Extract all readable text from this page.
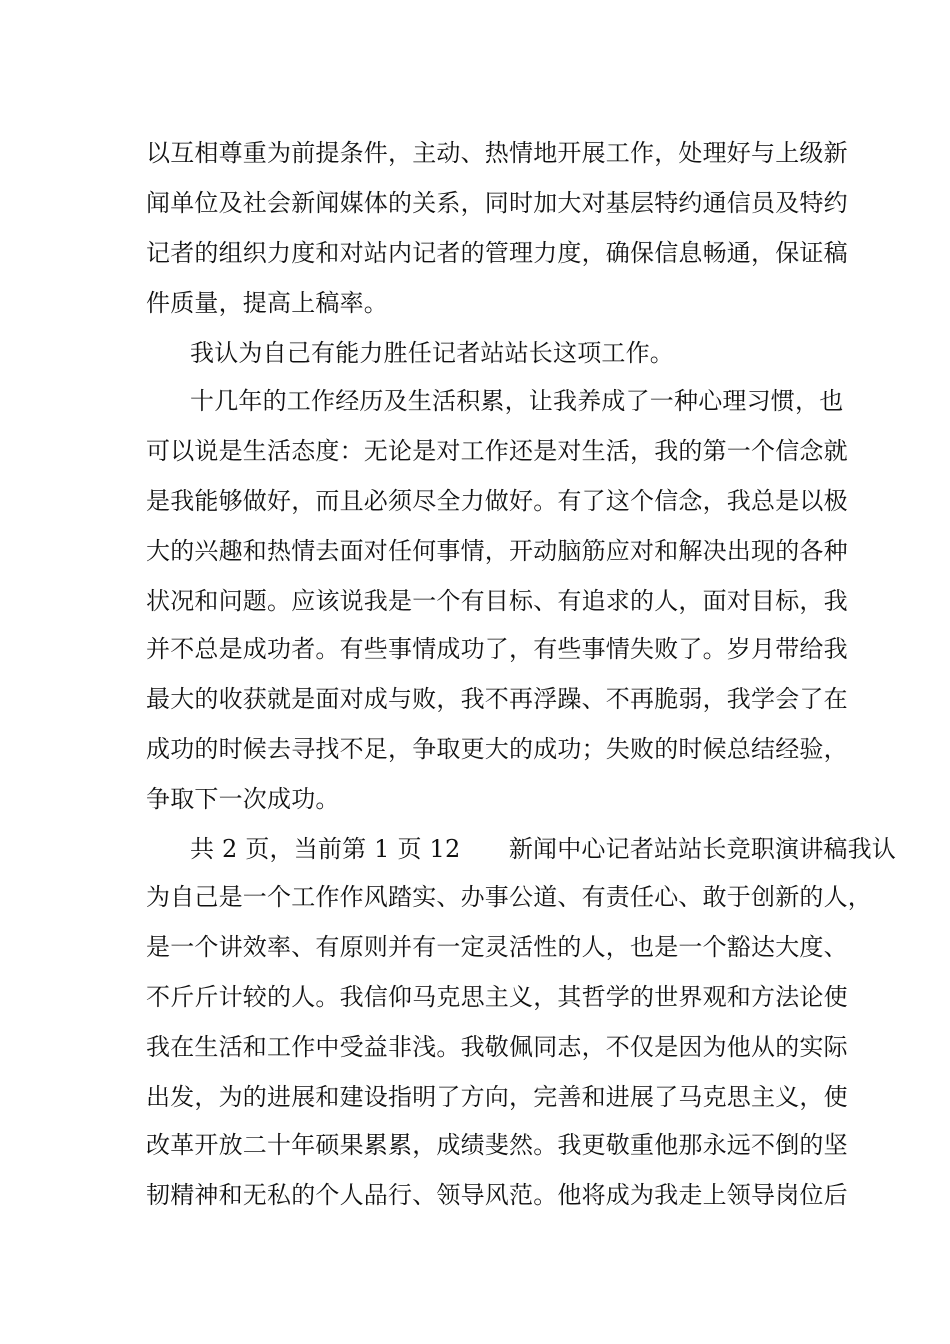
以互相尊重为前提条件，主动、热情地开展工作，处理好与上级新

闻单位及社会新闻媒体的关系，同时加大对基层特约通信员及特约

记者的组织力度和对站内记者的管理力度，确保信息畅通，保证稿

件质量，提高上稿率。

我认为自己有能力胜任记者站站长这项工作。

十几年的工作经历及生活积累，让我养成了一种心理习惯，也

可以说是生活态度：无论是对工作还是对生活，我的第一个信念就

是我能够做好，而且必须尽全力做好。有了这个信念，我总是以极

大的兴趣和热情去面对任何事情，开动脑筋应对和解决出现的各种

状况和问题。应该说我是一个有目标、有追求的人，面对目标，我

并不总是成功者。有些事情成功了，有些事情失败了。岁月带给我

最大的收获就是面对成与败，我不再浮躁、不再脆弱，我学会了在

成功的时候去寻找不足，争取更大的成功；失败的时候总结经验，

争取下一次成功。

共 2 页，当前第 1 页 12　　新闻中心记者站站长竞职演讲稿我认

为自己是一个工作作风踏实、办事公道、有责任心、敢于创新的人，

是一个讲效率、有原则并有一定灵活性的人，也是一个豁达大度、

不斤斤计较的人。我信仰马克思主义，其哲学的世界观和方法论使

我在生活和工作中受益非浅。我敬佩同志，不仅是因为他从的实际

出发，为的进展和建设指明了方向，完善和进展了马克思主义，使

改革开放二十年硕果累累，成绩斐然。我更敬重他那永远不倒的坚

韧精神和无私的个人品行、领导风范。他将成为我走上领导岗位后
